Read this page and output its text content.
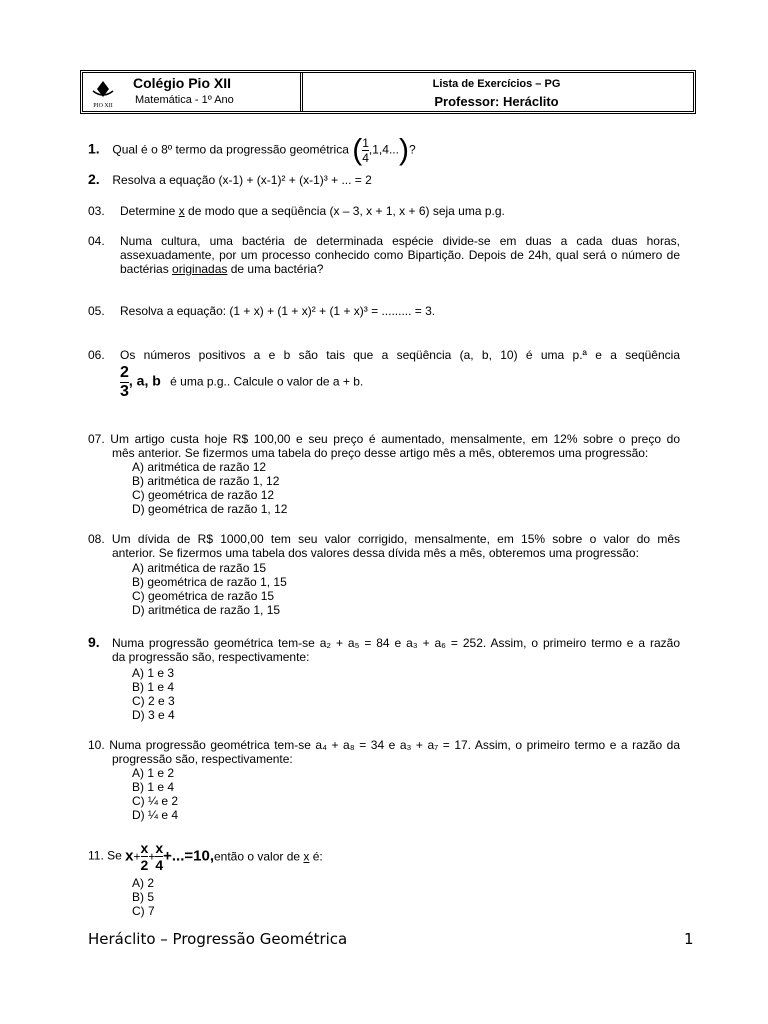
PIO XII
Colégio Pio XII
Matemática - 1º Ano
Lista de Exercícios – PG
Professor: Heráclito
1. Qual é o 8º termo da progressão geométrica ( $\frac{1}{4} ,1,4$...)?
2. Resolva a equação (x-1) + (x-1)² + (x-1)³ + ... = 2
03. Determine x de modo que a seqüência (x – 3, x + 1, x + 6) seja uma p.g.
04. Numa cultura, uma bactéria de determinada espécie divide-se em duas a cada duas horas, assexuadamente, por um processo conhecido como Bipartição. Depois de 24h, qual será o número de bactérias originadas de uma bactéria?
05. Resolva a equação: (1 + x) + (1 + x)² + (1 + x)³ = ......... = 3.
06. Os números positivos a e b são tais que a seqüência (a, b, 10) é uma p.ª e a seqüência
$\frac{2}{3}$ , a, b é uma p.g.. Calcule o valor de a + b.
07. Um artigo custa hoje R$ 100,00 e seu preço é aumentado, mensalmente, em 12% sobre o preço do
mês anterior. Se fizermos uma tabela do preço desse artigo mês a mês, obteremos uma progressão:
A) aritmética de razão 12
B) aritmética de razão 1, 12
C) geométrica de razão 12
D) geométrica de razão 1, 12
08. Um dívida de R$ 1000,00 tem seu valor corrigido, mensalmente, em 15% sobre o valor do mês
anterior. Se fizermos uma tabela dos valores dessa dívida mês a mês, obteremos uma progressão:
A) aritmética de razão 15
B) geométrica de razão 1, 15
C) geométrica de razão 15
D) aritmética de razão 1, 15
9. Numa progressão geométrica tem-se a₂ + a₅ = 84 e a₃ + a₆ = 252. Assim, o primeiro termo e a razão
da progressão são, respectivamente:
A) 1 e 3
B) 1 e 4
C) 2 e 3
D) 3 e 4
10. Numa progressão geométrica tem-se a₄ + a₈ = 34 e a₃ + a₇ = 17. Assim, o primeiro termo e a razão da
progressão são, respectivamente:
A) 1 e 2
B) 1 e 4
C) ¼ e 2
D) ¼ e 4
11. Se $x+ \frac{x}{2} + \frac{x}{4}$ +...=10,então o valor de x é:
A) 2
B) 5
C) 7
Heráclito – Progressão Geométrica	1
